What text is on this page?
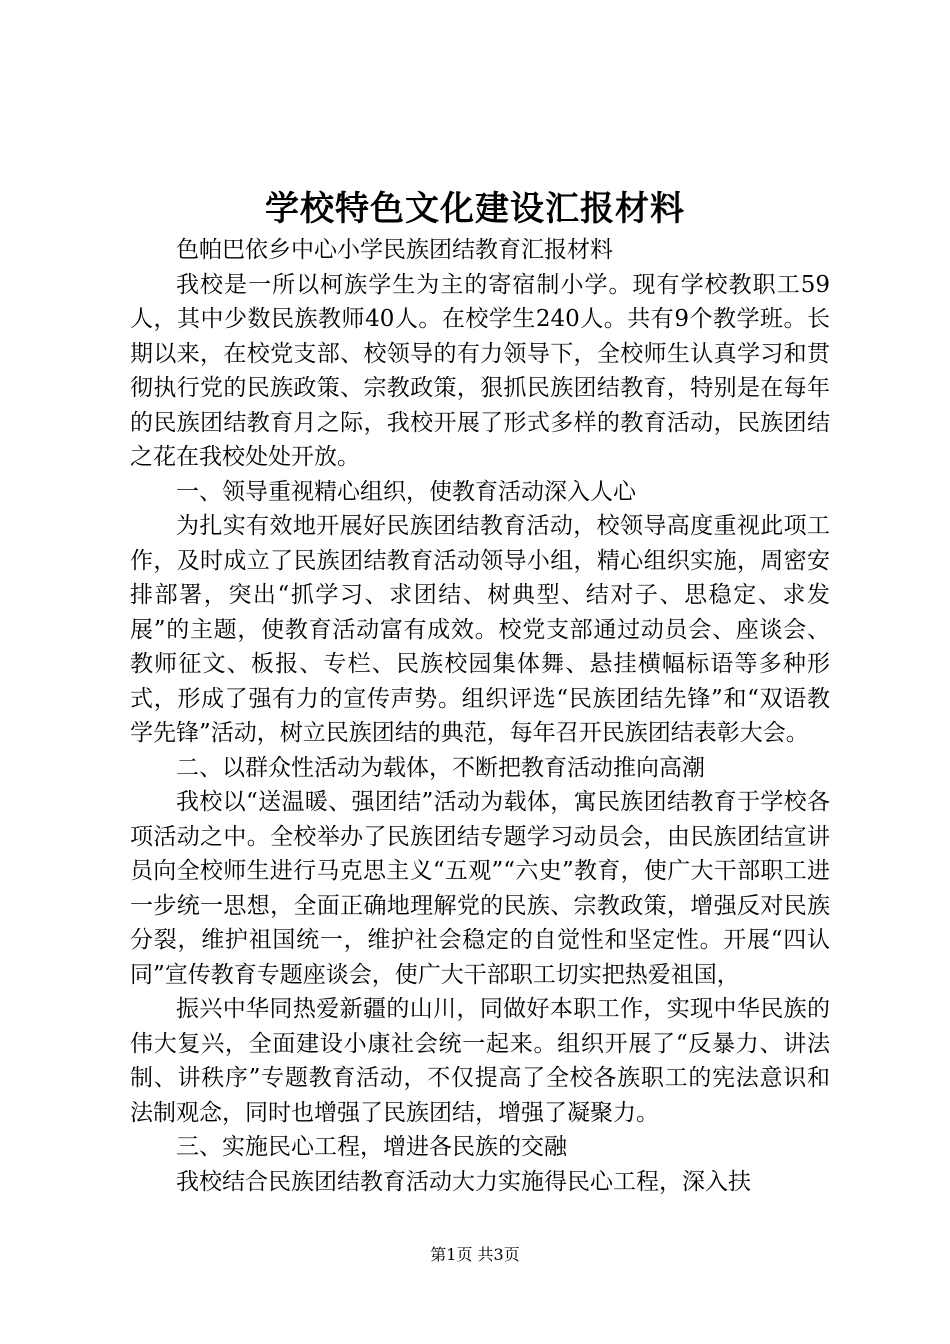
学校特色文化建设汇报材料

色帕巴依乡中心小学民族团结教育汇报材料

我校是一所以柯族学生为主的寄宿制小学。现有学校教职工59人，其中少数民族教师40人。在校学生240人。共有9个教学班。长期以来，在校党支部、校领导的有力领导下，全校师生认真学习和贯彻执行党的民族政策、宗教政策，狠抓民族团结教育，特别是在每年的民族团结教育月之际，我校开展了形式多样的教育活动，民族团结之花在我校处处开放。

一、领导重视精心组织，使教育活动深入人心

为扎实有效地开展好民族团结教育活动，校领导高度重视此项工作，及时成立了民族团结教育活动领导小组，精心组织实施，周密安排部署，突出“抓学习、求团结、树典型、结对子、思稳定、求发展”的主题，使教育活动富有成效。校党支部通过动员会、座谈会、教师征文、板报、专栏、民族校园集体舞、悬挂横幅标语等多种形式，形成了强有力的宣传声势。组织评选“民族团结先锋”和“双语教学先锋”活动，树立民族团结的典范，每年召开民族团结表彰大会。

二、以群众性活动为载体，不断把教育活动推向高潮

我校以“送温暖、强团结”活动为载体，寓民族团结教育于学校各项活动之中。全校举办了民族团结专题学习动员会，由民族团结宣讲员向全校师生进行马克思主义“五观”“六史”教育，使广大干部职工进一步统一思想，全面正确地理解党的民族、宗教政策，增强反对民族分裂，维护祖国统一，维护社会稳定的自觉性和坚定性。开展“四认同”宣传教育专题座谈会，使广大干部职工切实把热爱祖国，

振兴中华同热爱新疆的山川，同做好本职工作，实现中华民族的伟大复兴，全面建设小康社会统一起来。组织开展了“反暴力、讲法制、讲秩序”专题教育活动，不仅提高了全校各族职工的宪法意识和法制观念，同时也增强了民族团结，增强了凝聚力。

三、实施民心工程，增进各民族的交融

我校结合民族团结教育活动大力实施得民心工程，深入扶

第1页 共3页
